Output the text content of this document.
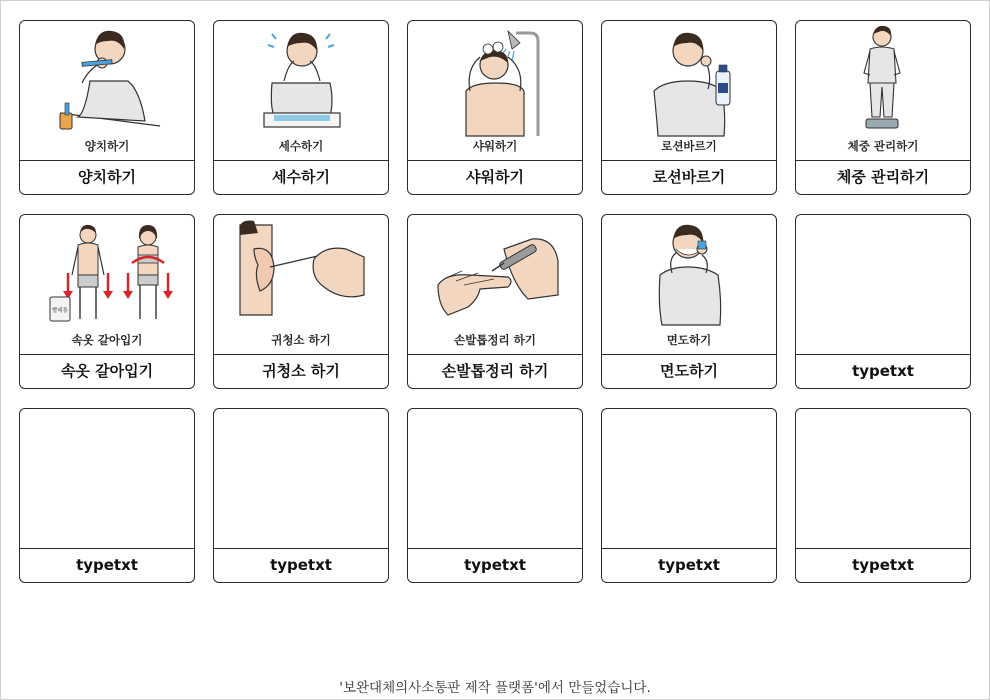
양치하기
양치하기
세수하기
세수하기
샤워하기
샤워하기
로션바르기
로션바르기
체중 관리하기
체중 관리하기
빨래통
속옷 갈아입기
속옷 갈아입기
귀청소 하기
귀청소 하기
손발톱정리 하기
손발톱정리 하기
면도하기
면도하기	typetxt
typetxt	typetxt	typetxt	typetxt	typetxt
'보완대체의사소통판 제작 플랫폼'에서 만들었습니다.
